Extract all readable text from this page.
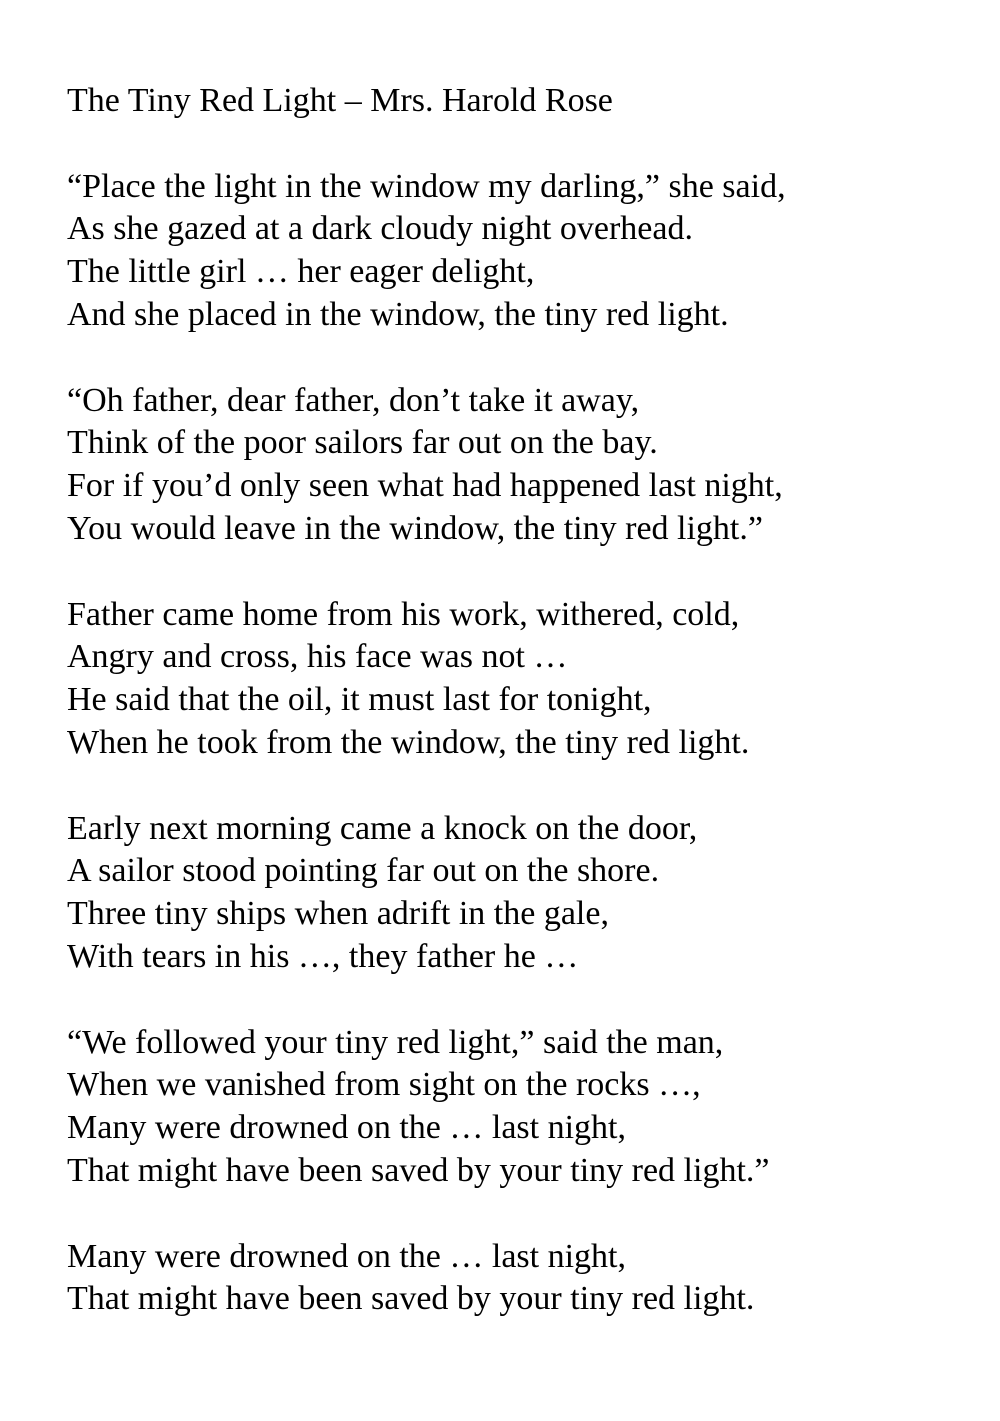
The Tiny Red Light – Mrs. Harold Rose
“Place the light in the window my darling,” she said,
As she gazed at a dark cloudy night overhead.
The little girl … her eager delight,
And she placed in the window, the tiny red light.
“Oh father, dear father, don’t take it away,
Think of the poor sailors far out on the bay.
For if you’d only seen what had happened last night,
You would leave in the window, the tiny red light.”
Father came home from his work, withered, cold,
Angry and cross, his face was not …
He said that the oil, it must last for tonight,
When he took from the window, the tiny red light.
Early next morning came a knock on the door,
A sailor stood pointing far out on the shore.
Three tiny ships when adrift in the gale,
With tears in his …, they father he …
“We followed your tiny red light,” said the man,
When we vanished from sight on the rocks …,
Many were drowned on the … last night,
That might have been saved by your tiny red light.”
Many were drowned on the … last night,
That might have been saved by your tiny red light.
